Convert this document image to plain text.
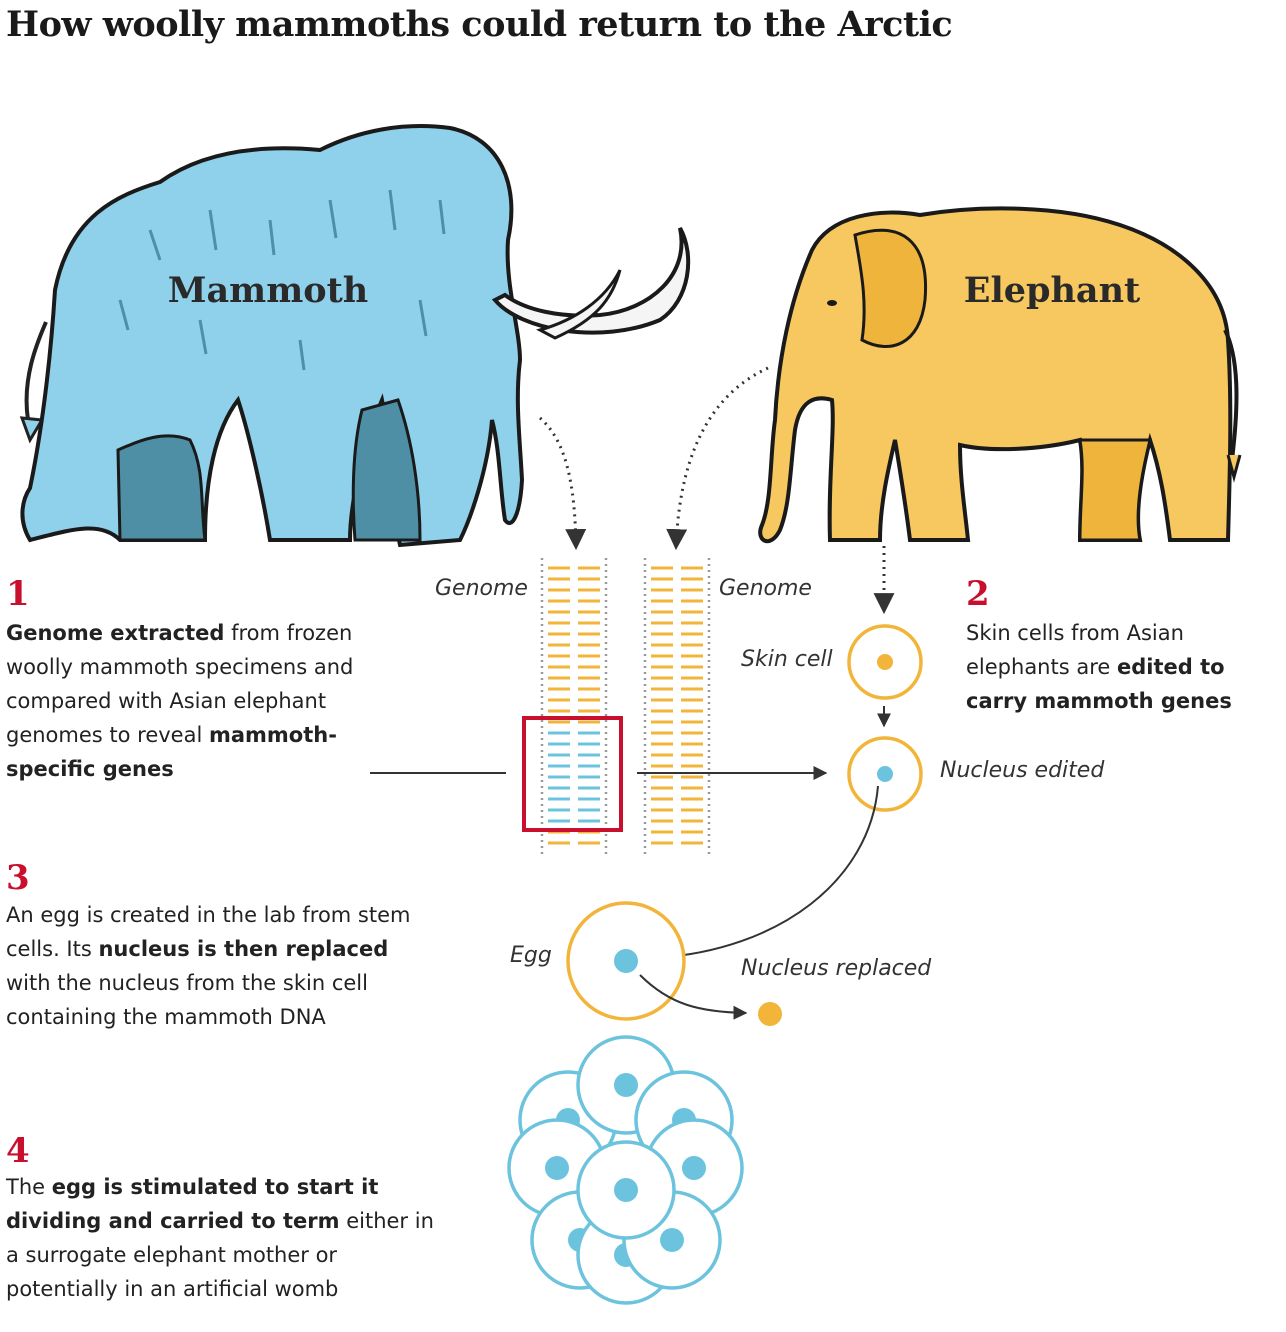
How woolly mammoths could return to the Arctic
Mammoth	Elephant
Genome	Genome
Skin cell
Nucleus edited
Egg
Nucleus replaced
1	2
3
4
Genome extracted from frozen woolly mammoth specimens and compared with Asian elephant genomes to reveal mammoth-specific genes
Skin cells from Asian elephants are edited to carry mammoth genes
An egg is created in the lab from stem cells. Its nucleus is then replaced with the nucleus from the skin cell containing the mammoth DNA
The egg is stimulated to start it dividing and carried to term either in a surrogate elephant mother or potentially in an artificial womb
